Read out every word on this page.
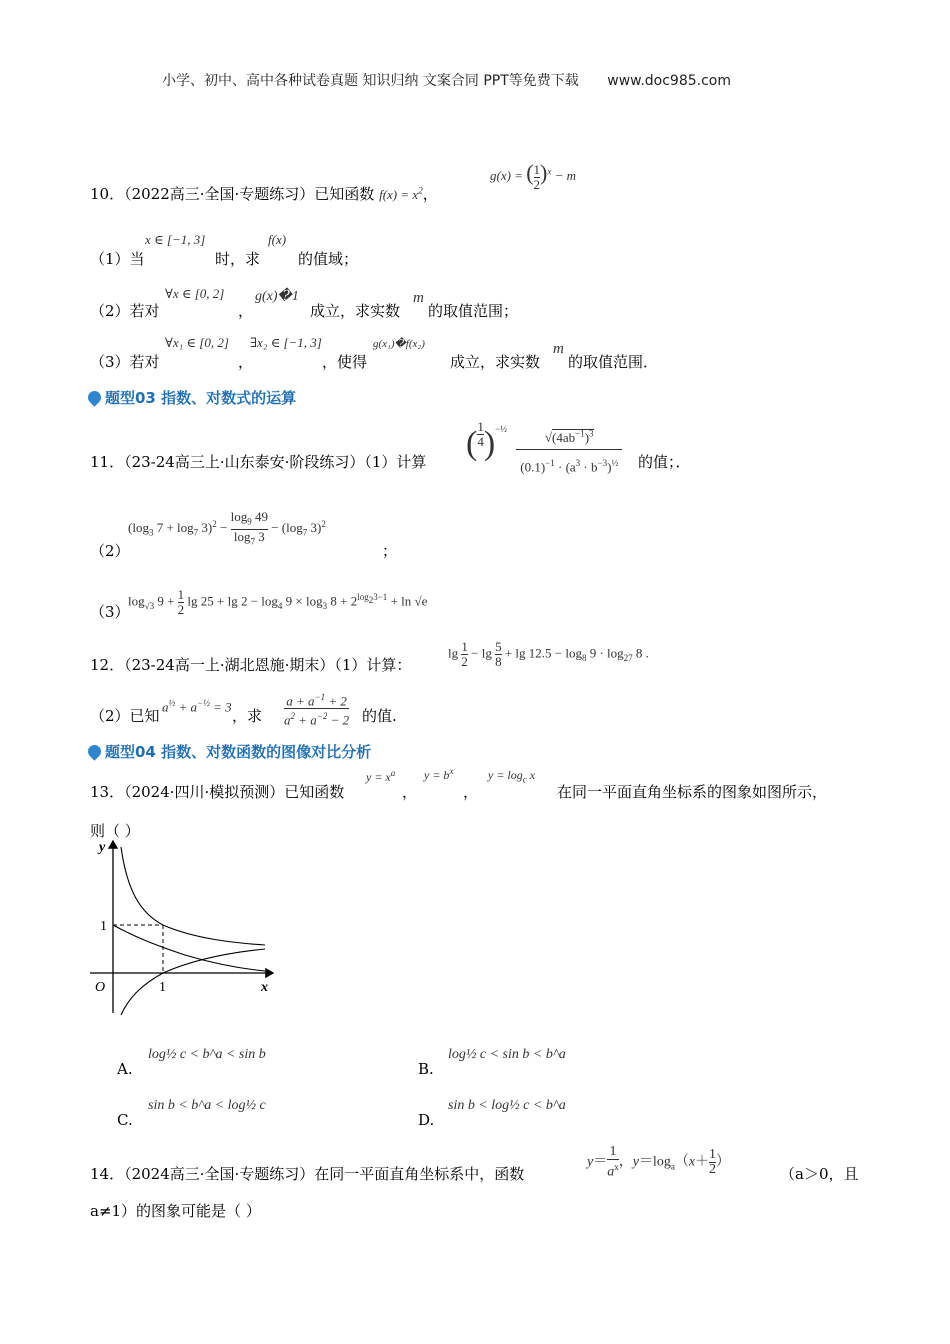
小学、初中、高中各种试卷真题 知识归纳 文案合同 PPT等免费下载 www.doc985.com
10．（2022高三·全国·专题练习）已知函数 $f(x) = x^2$，
g(x) = ( $\frac{1}{2} )^x - m$
（1）当
x ∈ [−1, 3]
时，求
f(x)
的值域；
（2）若对
∀x ∈ [0, 2]
，
g(x)�1
成立，求实数
m
的取值范围；
（3）若对
∀x₁ ∈ [0, 2]
，
∃x₂ ∈ [−1, 3]
，使得
g(x₁)�f(x₂)
成立，求实数
m
的取值范围．
题型03 指数、对数式的运算
11．（23-24高三上·山东泰安·阶段练习）（1）计算 ( $\frac{1}{4} )^{-\frac{1}{2}} \frac{√(4ab^{-1})^3}{(0.1)^{-1} \cdot (a^3 \cdot b^{-3})^{\frac{1}{2}}}$ 的值；．
（2）
($\log_3$ $7 + \log_7 3)^2 - \frac{\log_9 49}{\log_7 3} - (\log_7$ 3)$^2$
；
（3）
$\log_{√3} 9 + \frac{1}{2}$ $\lg 25 + \lg 2 - \log_4 9 \times \log_3 8 + 2^{log_23-1} + \ln √e$
12．（23-24高一上·湖北恩施·期末）（1）计算：
$\lg \frac{1}{2} - \lg \frac{5}{8} + \lg 12.5 - \log_8 9 \cdot \log_{27} 8$ .
（2）已知
$a^{\frac{1}{2}} + a^{-\frac{1}{2}} = 3$
，求 $\frac{a + a^{-1} + 2}{a^2 + a^{-2} - 2}$ 的值.
题型04 指数、对数函数的图像对比分析
13．（2024·四川·模拟预测）已知函数
$y = x^a$
，
$y = b^x$
，
$y = \log_c x$
在同一平面直角坐标系的图象如图所示，
则（ ）
y
x
O
1
1
A.
log½ c < b^a < sin b
B.
log½ c < sin b < b^a
C.
sin b < b^a < log½ c
D.
sin b < log½ c < b^a
14．（2024高三·全国·专题练习）在同一平面直角坐标系中，函数
$y= \frac{1}{a^x}$ ，$y=\log_a(x+ \frac{1}{2}$ ）
（a＞0，且
a≠1）的图象可能是（ ）
